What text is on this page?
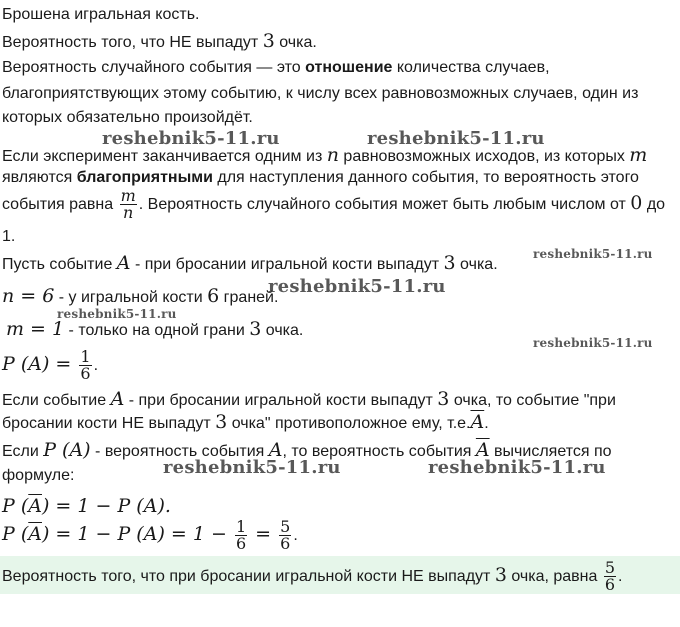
Брошена игральная кость.
Вероятность того, что НЕ выпадут 3 очка.
Вероятность случайного события — это отношение количества случаев,
благоприятствующих этому событию, к числу всех равновозможных случаев, один из
которых обязательно произойдёт.
Если эксперимент заканчивается одним из n равновозможных исходов, из которых m
являются благоприятными для наступления данного события, то вероятность этого
события равна $\frac{m}{n}$ . Вероятность случайного события может быть любым числом от 0 до
1.
Пусть событие A - при бросании игральной кости выпадут 3 очка.
n = 6 - у игральной кости 6 граней.
m = 1 - только на одной грани 3 очка.
P $(A) = \frac{1}{6}$ .
Если событие A - при бросании игральной кости выпадут 3 очка, то событие "при
бросании кости НЕ выпадут 3 очка" противоположное ему, $т.е.\overline{A}$.
Если P (A) - вероятность события A, то вероятность события $\overline{A}$ вычисляется по
формуле:
P $(\overline{A}) = 1 - P$ (A).
P $(\overline{A}) = 1 - P$ $(A) = 1 - \frac{1}{6} = \frac{5}{6}$ .
Вероятность того, что при бросании игральной кости НЕ выпадут 3 очка, равна $\frac{5}{6}$ .
reshebnik5-11.ru	reshebnik5-11.ru
reshebnik5-11.ru
reshebnik5-11.ru
reshebnik5-11.ru
reshebnik5-11.ru
reshebnik5-11.ru	reshebnik5-11.ru
